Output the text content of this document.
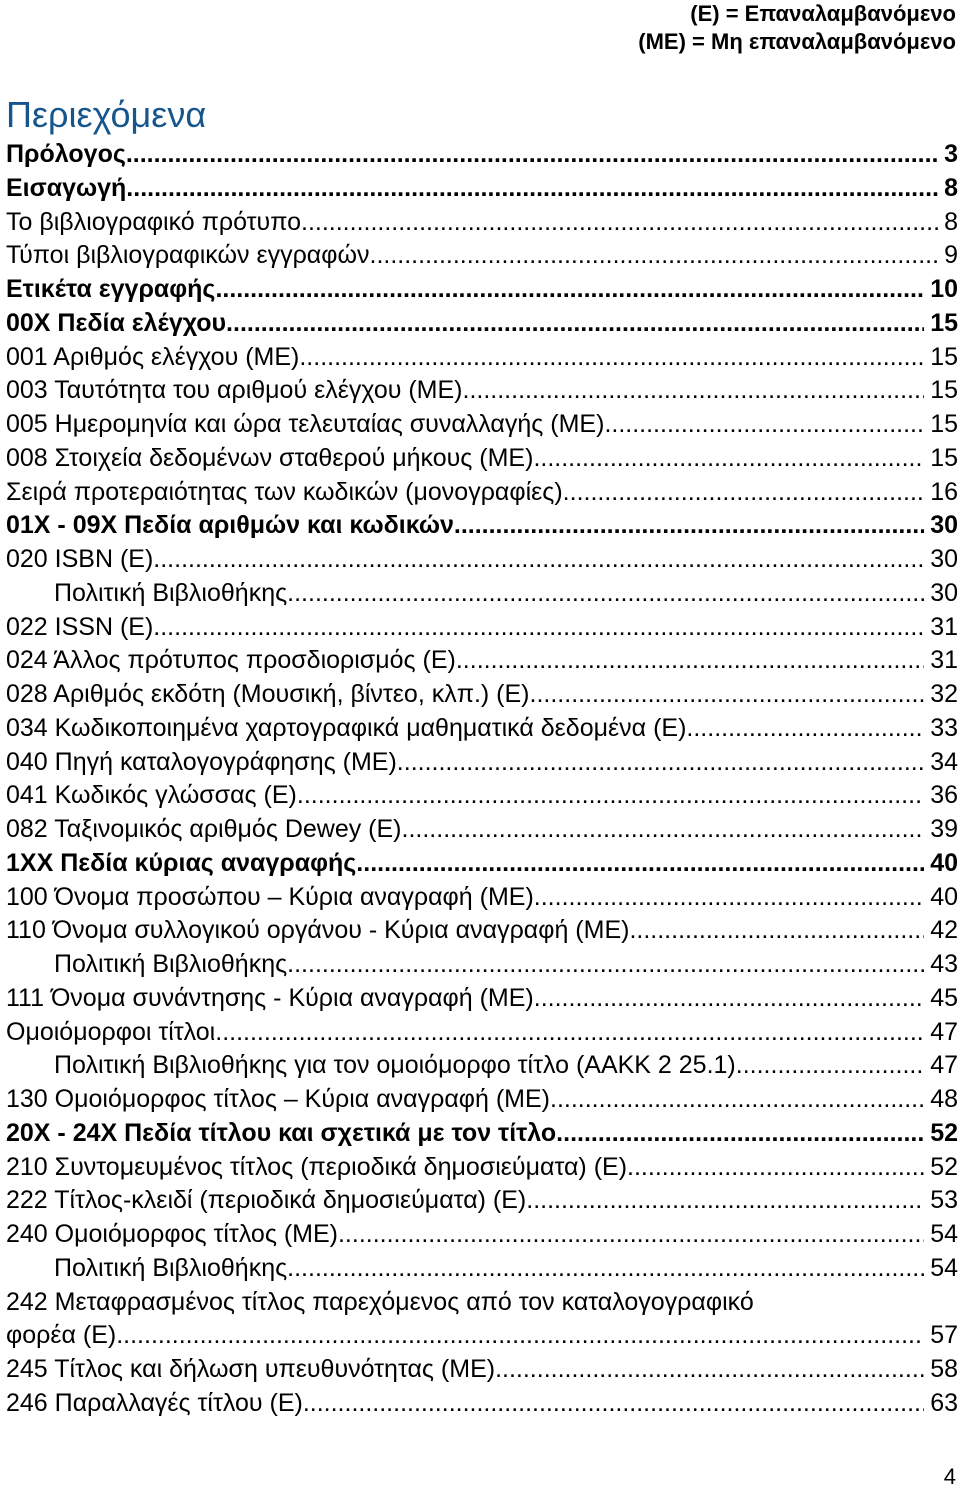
(Ε) = Επαναλαμβανόμενο
(ΜΕ) = Μη επαναλαμβανόμενο
Περιεχόμενα
Πρόλογος .....	3
Εισαγωγή .....	8
Το βιβλιογραφικό πρότυπο .....	8
Τύποι βιβλιογραφικών εγγραφών .....	9
Ετικέτα εγγραφής .....	10
00Χ Πεδία ελέγχου .....	15
001 Αριθμός ελέγχου (ΜΕ) .....	15
003 Ταυτότητα του αριθμού ελέγχου (ΜΕ) .....	15
005 Ημερομηνία και ώρα τελευταίας συναλλαγής (ΜΕ) .....	15
008 Στοιχεία δεδομένων σταθερού μήκους (ΜΕ) .....	15
Σειρά προτεραιότητας των κωδικών (μονογραφίες) .....	16
01Χ - 09Χ Πεδία αριθμών και κωδικών .....	30
020 ISBN (E) .....	30
Πολιτική Βιβλιοθήκης .....	30
022 ISSN (E) .....	31
024 Άλλος πρότυπος προσδιορισμός (Ε) .....	31
028 Αριθμός εκδότη (Μουσική, βίντεο, κλπ.) (Ε) .....	32
034 Κωδικοποιημένα χαρτογραφικά μαθηματικά δεδομένα (Ε) .....	33
040 Πηγή καταλογογράφησης (ΜΕ) .....	34
041 Κωδικός γλώσσας (Ε) .....	36
082 Ταξινομικός αριθμός Dewey (Ε) .....	39
1ΧΧ Πεδία κύριας αναγραφής .....	40
100 Όνομα προσώπου – Κύρια αναγραφή (ΜΕ) .....	40
110 Όνομα συλλογικού οργάνου - Κύρια αναγραφή (ΜΕ) .....	42
Πολιτική Βιβλιοθήκης .....	43
111 Όνομα συνάντησης - Κύρια αναγραφή (ΜΕ) .....	45
Ομοιόμορφοι τίτλοι .....	47
Πολιτική Βιβλιοθήκης για τον ομοιόμορφο τίτλο (ΑΑΚΚ 2 25.1) .....	47
130 Ομοιόμορφος τίτλος – Κύρια αναγραφή (ΜΕ) .....	48
20Χ - 24Χ Πεδία τίτλου και σχετικά με τον τίτλο .....	52
210 Συντομευμένος τίτλος (περιοδικά δημοσιεύματα) (Ε) .....	52
222 Τίτλος-κλειδί (περιοδικά δημοσιεύματα) (Ε) .....	53
240 Ομοιόμορφος τίτλος (ΜΕ) .....	54
Πολιτική Βιβλιοθήκης .....	54
242 Μεταφρασμένος τίτλος παρεχόμενος από τον καταλογογραφικό
φορέα (Ε) .....	57
245 Τίτλος και δήλωση υπευθυνότητας (ΜΕ) .....	58
246 Παραλλαγές τίτλου (Ε) .....	63
4
